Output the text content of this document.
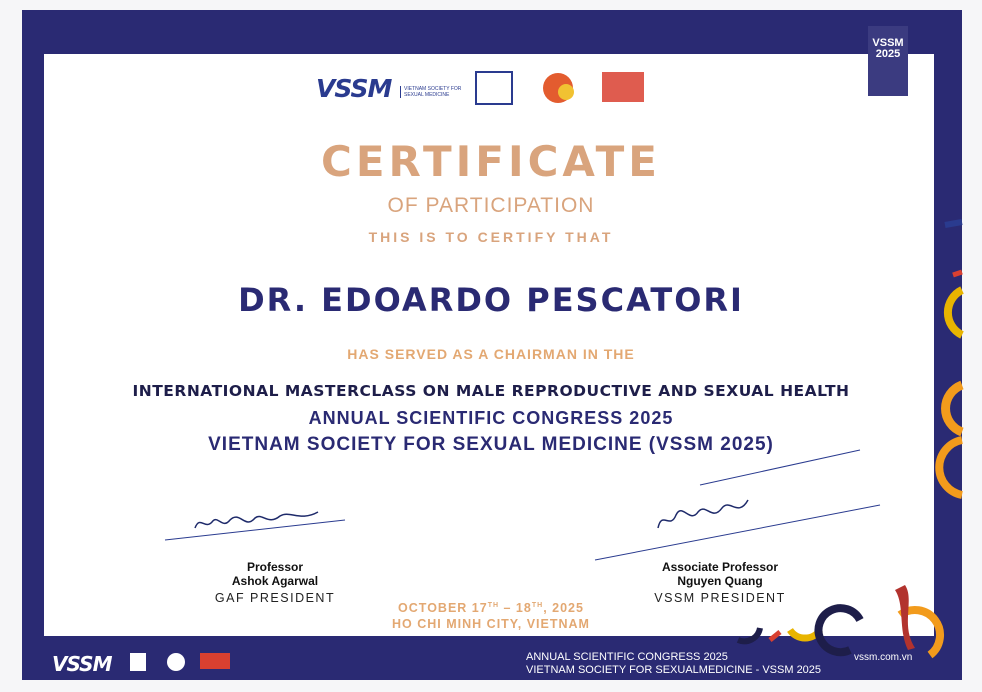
VSSM	VIETNAM SOCIETY FOR SEXUAL MEDICINE
VSSM
2025
CERTIFICATE
OF PARTICIPATION
THIS IS TO CERTIFY THAT
DR. EDOARDO PESCATORI
HAS SERVED AS A CHAIRMAN IN THE
INTERNATIONAL MASTERCLASS ON MALE REPRODUCTIVE AND SEXUAL HEALTH
ANNUAL SCIENTIFIC CONGRESS 2025
VIETNAM SOCIETY FOR SEXUAL MEDICINE (VSSM 2025)
Professor
Ashok Agarwal
GAF PRESIDENT
Associate Professor
Nguyen Quang
VSSM PRESIDENT
OCTOBER 17TH – 18TH, 2025
HO CHI MINH CITY, VIETNAM
VSSM	ANNUAL SCIENTIFIC CONGRESS 2025
VIETNAM SOCIETY FOR SEXUALMEDICINE - VSSM 2025
vssm.com.vn
